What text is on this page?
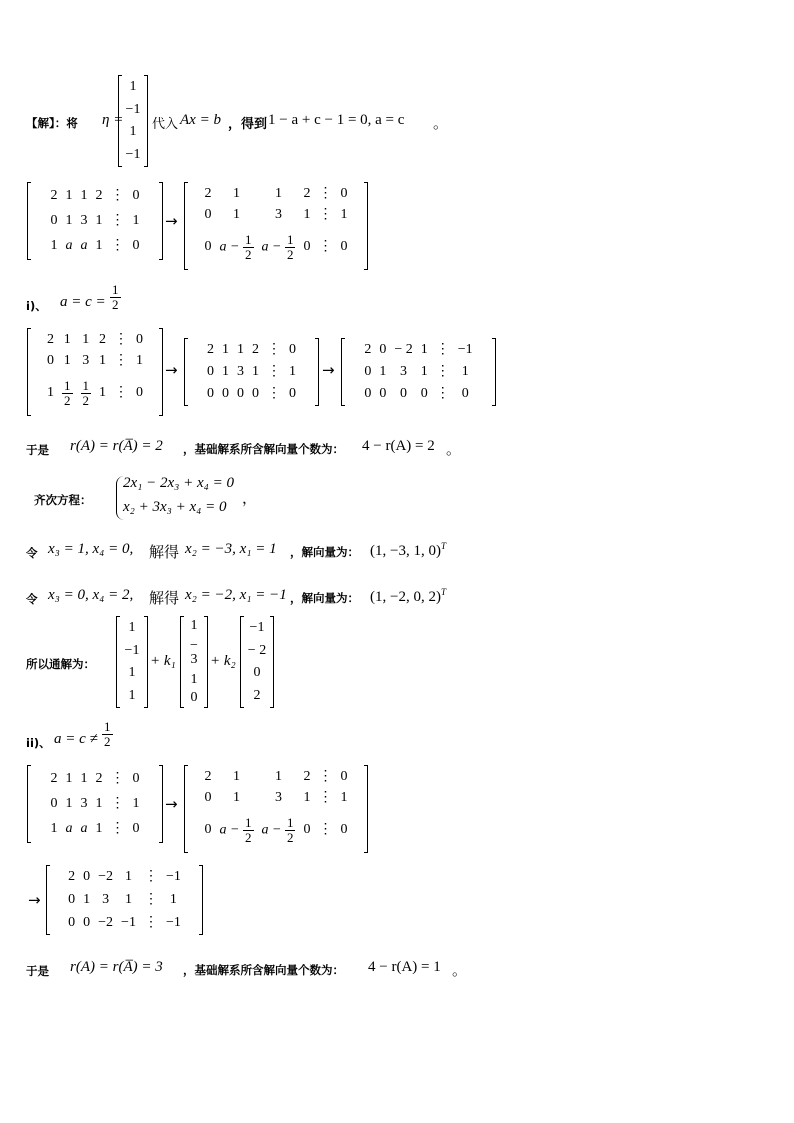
【解】：将 η =
1
−1
1
−1
代入 Ax = b ，得到 1 − a + c − 1 = 0, a = c 。
2	1	1	2	⋮	0
0	1	3	1	⋮	1
1	a	a	1	⋮	0
→
2	1	1	2	⋮	0
0	1	3	1	⋮	1
0	$a - \frac{1}{2}$	$a - \frac{1}{2}$	0	⋮	0
i)、 $a = c = \frac{1}{2}$
2	1	1	2	⋮	0
0	1	3	1	⋮	1
1	$\frac{1}{2}$	$\frac{1}{2}$	1	⋮	0
→
2	1	1	2	⋮	0
0	1	3	1	⋮	1
0	0	0	0	⋮	0
→
2	0	− 2	1	⋮	−1
0	1	3	1	⋮	1
0	0	0	0	⋮	0
于是 r(A) = r(A̅) = 2 ，基础解系所含解向量个数为： 4 − r(A) = 2 。
齐次方程：
2x₁ − 2x₃ + x₄ = 0
x₂ + 3x₃ + x₄ = 0 ，
令 x₃ = 1, x₄ = 0, 解得 x₂ = −3, x₁ = 1 ，解向量为： (1, −3, 1, 0)$^T$
令 x₃ = 0, x₄ = 2, 解得 x₂ = −2, x₁ = −1 ，解向量为： (1, −2, 0, 2)$^T$
所以通解为：
1
−1
1
1
+ k₁
1
− 3
1
0
+ k₂
−1
− 2
0
2
ii)、 $a = c \ne \frac{1}{2}$
2	1	1	2	⋮	0
0	1	3	1	⋮	1
1	a	a	1	⋮	0
→
2	1	1	2	⋮	0
0	1	3	1	⋮	1
0	$a - \frac{1}{2}$	$a - \frac{1}{2}$	0	⋮	0
→
2	0	−2	1	⋮	−1
0	1	3	1	⋮	1
0	0	−2	−1	⋮	−1
于是 r(A) = r(A̅) = 3 ，基础解系所含解向量个数为： 4 − r(A) = 1 。
